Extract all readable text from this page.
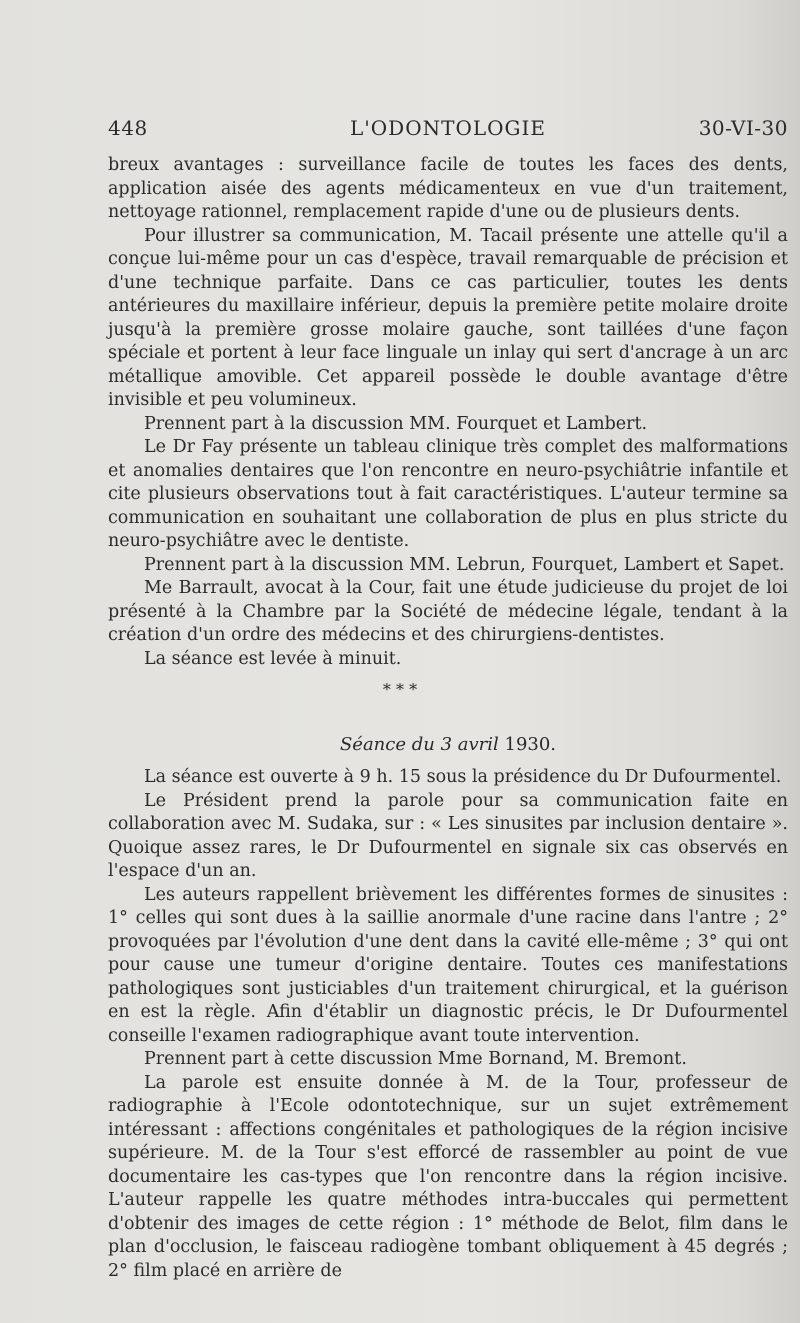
448	L'ODONTOLOGIE	30-VI-30

breux avantages : surveillance facile de toutes les faces des dents, application aisée des agents médicamenteux en vue d'un traitement, nettoyage rationnel, remplacement rapide d'une ou de plusieurs dents.

Pour illustrer sa communication, M. Tacail présente une attelle qu'il a conçue lui-même pour un cas d'espèce, travail remarquable de précision et d'une technique parfaite. Dans ce cas particulier, toutes les dents antérieures du maxillaire inférieur, depuis la première petite molaire droite jusqu'à la première grosse molaire gauche, sont taillées d'une façon spéciale et portent à leur face linguale un inlay qui sert d'ancrage à un arc métallique amovible. Cet appareil possède le double avantage d'être invisible et peu volumineux.

Prennent part à la discussion MM. Fourquet et Lambert.

Le Dr Fay présente un tableau clinique très complet des malformations et anomalies dentaires que l'on rencontre en neuro-psychiâtrie infantile et cite plusieurs observations tout à fait caractéristiques. L'auteur termine sa communication en souhaitant une collaboration de plus en plus stricte du neuro-psychiâtre avec le dentiste.

Prennent part à la discussion MM. Lebrun, Fourquet, Lambert et Sapet.

Me Barrault, avocat à la Cour, fait une étude judicieuse du projet de loi présenté à la Chambre par la Société de médecine légale, tendant à la création d'un ordre des médecins et des chirurgiens-dentistes.

La séance est levée à minuit.

* * *
Séance du 3 avril 1930.

La séance est ouverte à 9 h. 15 sous la présidence du Dr Dufourmentel.

Le Président prend la parole pour sa communication faite en collaboration avec M. Sudaka, sur : « Les sinusites par inclusion dentaire ». Quoique assez rares, le Dr Dufourmentel en signale six cas observés en l'espace d'un an.

Les auteurs rappellent brièvement les différentes formes de sinusites : 1° celles qui sont dues à la saillie anormale d'une racine dans l'antre ; 2° provoquées par l'évolution d'une dent dans la cavité elle-même ; 3° qui ont pour cause une tumeur d'origine dentaire. Toutes ces manifestations pathologiques sont justiciables d'un traitement chirurgical, et la guérison en est la règle. Afin d'établir un diagnostic précis, le Dr Dufourmentel conseille l'examen radiographique avant toute intervention.

Prennent part à cette discussion Mme Bornand, M. Bremont.

La parole est ensuite donnée à M. de la Tour, professeur de radiographie à l'Ecole odontotechnique, sur un sujet extrêmement intéressant : affections congénitales et pathologiques de la région incisive supérieure. M. de la Tour s'est efforcé de rassembler au point de vue documentaire les cas-types que l'on rencontre dans la région incisive. L'auteur rappelle les quatre méthodes intra-buccales qui permettent d'obtenir des images de cette région : 1° méthode de Belot, film dans le plan d'occlusion, le faisceau radiogène tombant obliquement à 45 degrés ; 2° film placé en arrière de
